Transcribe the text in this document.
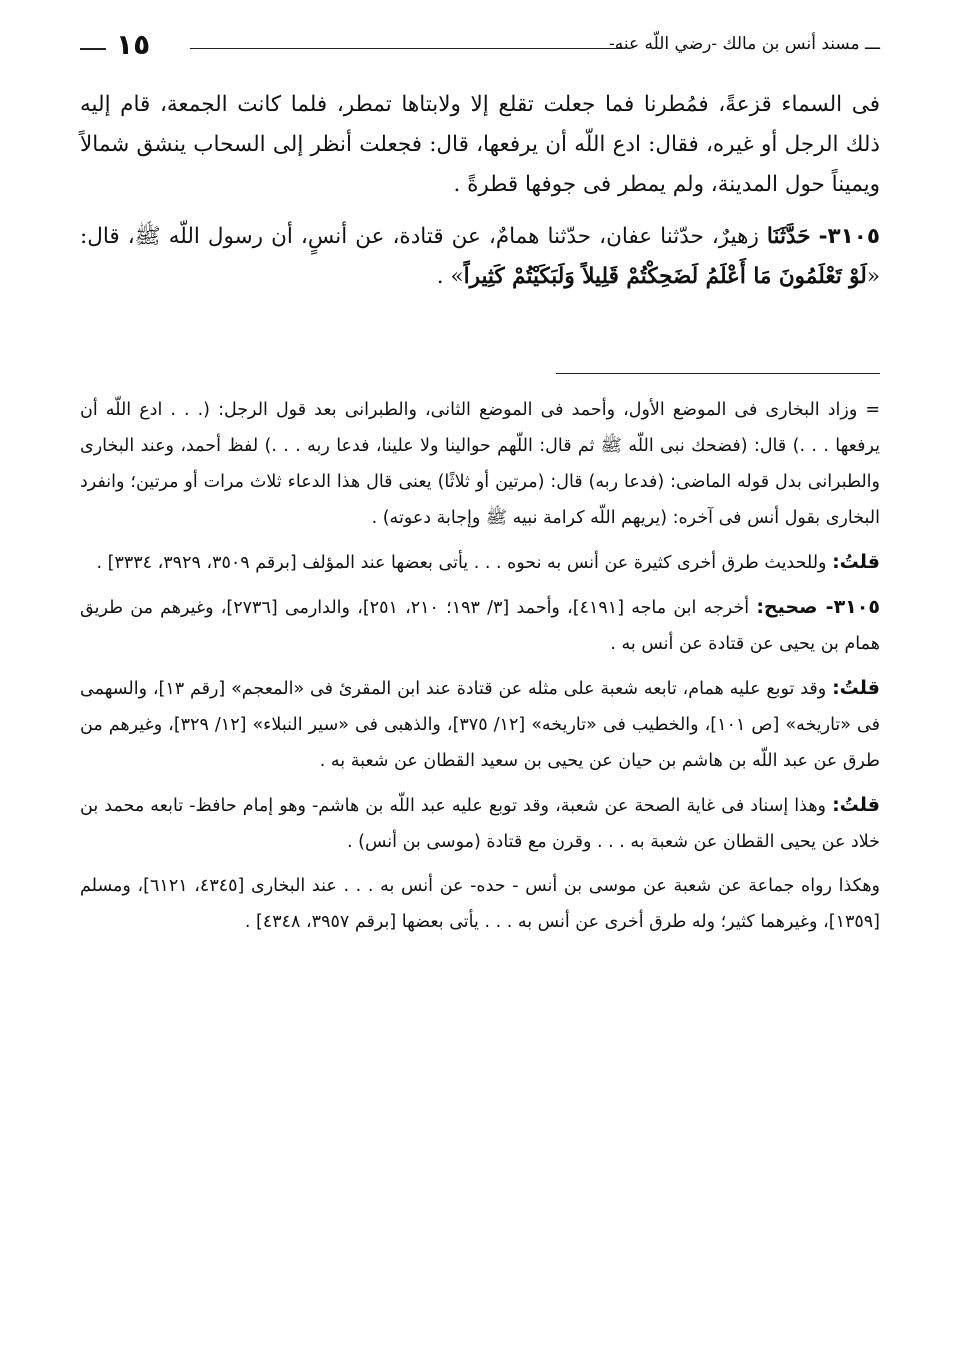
ـــ مسند أنس بن مالك -رضي اللّه عنه-
١٥

فى السماء قزعةً، فمُطرنا فما جعلت تقلع إلا ولابتاها تمطر، فلما كانت الجمعة، قام إليه ذلك الرجل أو غيره، فقال: ادع اللّه أن يرفعها، قال: فجعلت أنظر إلى السحاب ينشق شمالاً ويميناً حول المدينة، ولم يمطر فى جوفها قطرةً .

٣١٠٥- حَدَّثَنَا زهيرٌ، حدّثنا عفان، حدّثنا همامٌ، عن قتادة، عن أنسٍ، أن رسول اللّه ﷺ، قال: «لَوْ تَعْلَمُونَ مَا أَعْلَمُ لَضَحِكْتُمْ قَلِيلاً وَلَبَكَيْتُمْ كَثِيراً» .

= وزاد البخارى فى الموضع الأول، وأحمد فى الموضع الثانى، والطبرانى بعد قول الرجل: (. . . ادع اللّه أن يرفعها . . .) قال: (فضحك نبى اللّه ﷺ ثم قال: اللّهم حوالينا ولا علينا، فدعا ربه . . .) لفظ أحمد، وعند البخارى والطبرانى بدل قوله الماضى: (فدعا ربه) قال: (مرتين أو ثلاثًا) يعنى قال هذا الدعاء ثلاث مرات أو مرتين؛ وانفرد البخارى بقول أنس فى آخره: (يريهم اللّه كرامة نبيه ﷺ وإجابة دعوته) .

قلتُ: وللحديث طرق أخرى كثيرة عن أنس به نحوه . . . يأتى بعضها عند المؤلف [برقم ٣٥٠٩، ٣٩٢٩، ٣٣٣٤] .

٣١٠٥- صحيح: أخرجه ابن ماجه [٤١٩١]، وأحمد [٣/ ١٩٣؛ ٢١٠، ٢٥١]، والدارمى [٢٧٣٦]، وغيرهم من طريق همام بن يحيى عن قتادة عن أنس به .

قلتُ: وقد توبع عليه همام، تابعه شعبة على مثله عن قتادة عند ابن المقرئ فى «المعجم» [رقم ١٣]، والسهمى فى «تاريخه» [ص ١٠١]، والخطيب فى «تاريخه» [١٢/ ٣٧٥]، والذهبى فى «سير النبلاء» [١٢/ ٣٢٩]، وغيرهم من طرق عن عبد اللّه بن هاشم بن حيان عن يحيى بن سعيد القطان عن شعبة به .

قلتُ: وهذا إسناد فى غاية الصحة عن شعبة، وقد توبع عليه عبد اللّه بن هاشم- وهو إمام حافظ- تابعه محمد بن خلاد عن يحيى القطان عن شعبة به . . . وقرن مع قتادة (موسى بن أنس) .

وهكذا رواه جماعة عن شعبة عن موسى بن أنس - حده- عن أنس به . . . عند البخارى [٤٣٤٥، ٦١٢١]، ومسلم [١٣٥٩]، وغيرهما كثير؛ وله طرق أخرى عن أنس به . . . يأتى بعضها [برقم ٣٩٥٧، ٤٣٤٨] .
